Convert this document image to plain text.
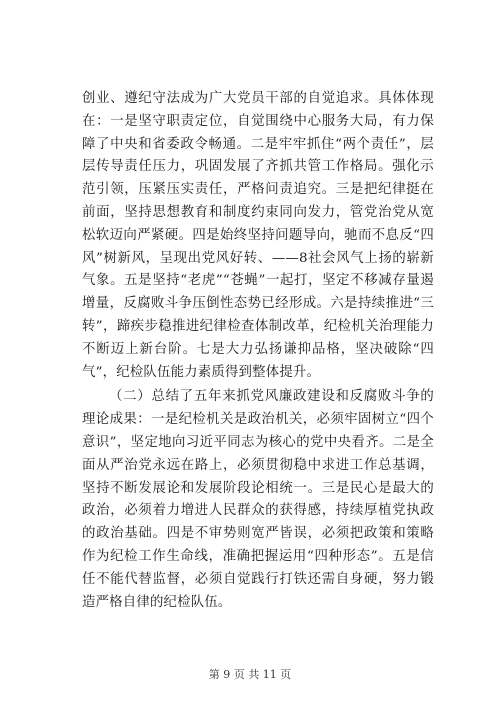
创业、遵纪守法成为广大党员干部的自觉追求。具体体现在：一是坚守职责定位，自觉围绕中心服务大局，有力保障了中央和省委政令畅通。二是牢牢抓住“两个责任”，层层传导责任压力，巩固发展了齐抓共管工作格局。强化示范引领，压紧压实责任，严格问责追究。三是把纪律挺在前面，坚持思想教育和制度约束同向发力，管党治党从宽松软迈向严紧硬。四是始终坚持问题导向，驰而不息反“四风”树新风，呈现出党风好转、——8社会风气上扬的崭新气象。五是坚持“老虎”“苍蝇”一起打，坚定不移减存量遏增量，反腐败斗争压倒性态势已经形成。六是持续推进“三转”，蹄疾步稳推进纪律检查体制改革，纪检机关治理能力不断迈上新台阶。七是大力弘扬谦抑品格，坚决破除“四气”，纪检队伍能力素质得到整体提升。

（二）总结了五年来抓党风廉政建设和反腐败斗争的理论成果：一是纪检机关是政治机关，必须牢固树立“四个意识”，坚定地向习近平同志为核心的党中央看齐。二是全面从严治党永远在路上，必须贯彻稳中求进工作总基调，坚持不断发展论和发展阶段论相统一。三是民心是最大的政治，必须着力增进人民群众的获得感，持续厚植党执政的政治基础。四是不审势则宽严皆误，必须把政策和策略作为纪检工作生命线，准确把握运用“四种形态”。五是信任不能代替监督，必须自觉践行打铁还需自身硬，努力锻造严格自律的纪检队伍。

第 9 页 共 11 页
